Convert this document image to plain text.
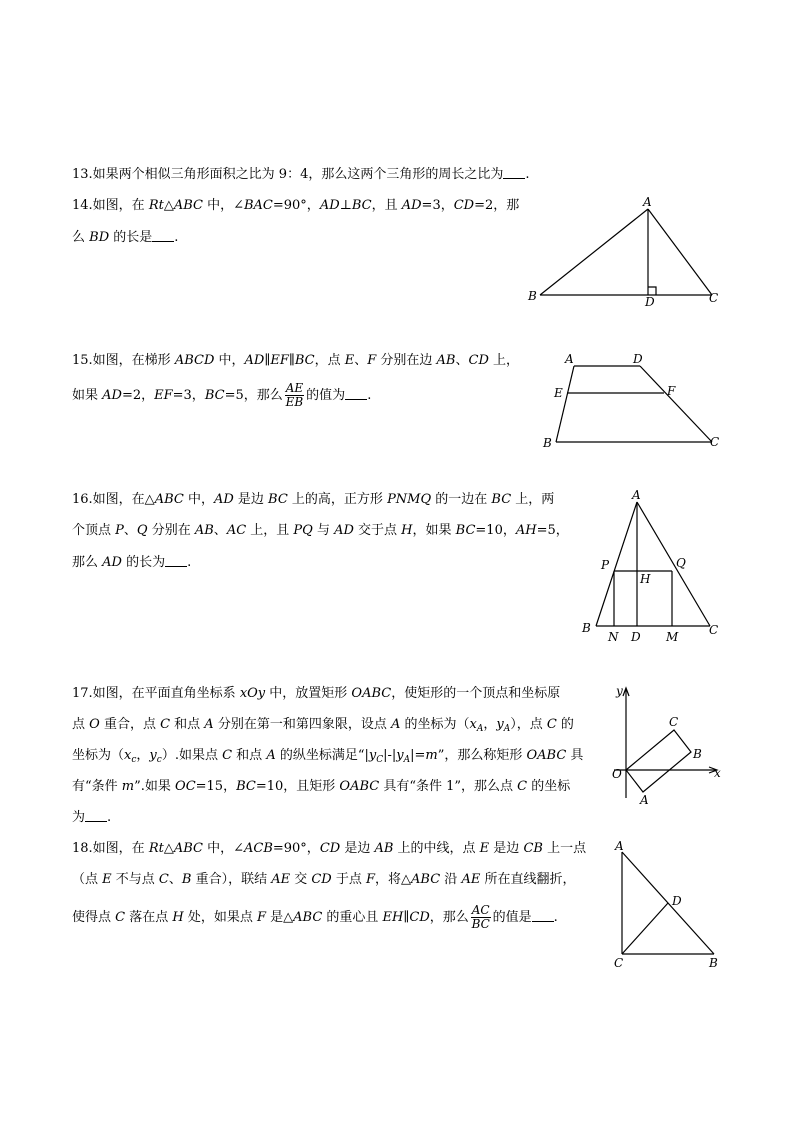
13.如果两个相似三角形面积之比为 9：4，那么这两个三角形的周长之比为 .
14.如图，在 Rt△ABC 中，∠BAC=90°，AD⊥BC，且 AD=3，CD=2，那
么 BD 的长是 .
A
B	C
D
15.如图，在梯形 ABCD 中，AD∥EF∥BC，点 E、F 分别在边 AB、CD 上，
如果 AD=2，EF=3，BC=5，那么 $\frac{AE}{EB}$ 的值为 .
A	D
E	F
B	C
16.如图，在△ABC 中，AD 是边 BC 上的高，正方形 PNMQ 的一边在 BC 上，两
个顶点 P、Q 分别在 AB、AC 上，且 PQ 与 AD 交于点 H，如果 BC=10，AH=5，
那么 AD 的长为 .
A
P	Q
H
B
N D M	C
17.如图，在平面直角坐标系 xOy 中，放置矩形 OABC，使矩形的一个顶点和坐标原
点 O 重合，点 C 和点 A 分别在第一和第四象限，设点 A 的坐标为（$x_A$，$y_A$），点 C 的
坐标为（$x_c$，$y_c$）.如果点 C 和点 A 的纵坐标满足“$|y_C|-|y_A|=m$”，那么称矩形 OABC 具
有“条件 m”.如果 OC=15，BC=10，且矩形 OABC 具有“条件 1”，那么点 C 的坐标
为 .
y
x
O
A
B
C
18.如图，在 Rt△ABC 中，∠ACB=90°，CD 是边 AB 上的中线，点 E 是边 CB 上一点
（点 E 不与点 C、B 重合），联结 AE 交 CD 于点 F，将△ABC 沿 AE 所在直线翻折，
使得点 C 落在点 H 处，如果点 F 是△ABC 的重心且 EH∥CD，那么 $\frac{AC}{BC}$ 的值是 .
A
D
C	B
